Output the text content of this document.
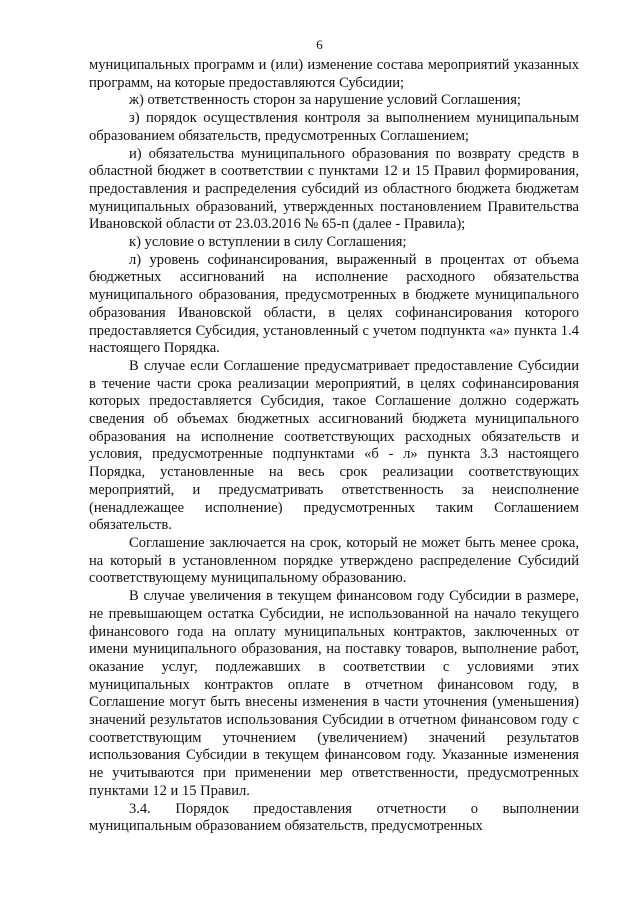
6

муниципальных программ и (или) изменение состава мероприятий указанных программ, на которые предоставляются Субсидии;

ж) ответственность сторон за нарушение условий Соглашения;

з) порядок осуществления контроля за выполнением муниципальным образованием обязательств, предусмотренных Соглашением;

и) обязательства муниципального образования по возврату средств в областной бюджет в соответствии с пунктами 12 и 15 Правил формирования, предоставления и распределения субсидий из областного бюджета бюджетам муниципальных образований, утвержденных постановлением Правительства Ивановской области от 23.03.2016 № 65-п (далее - Правила);

к) условие о вступлении в силу Соглашения;

л) уровень софинансирования, выраженный в процентах от объема бюджетных ассигнований на исполнение расходного обязательства муниципального образования, предусмотренных в бюджете муниципального образования Ивановской области, в целях софинансирования которого предоставляется Субсидия, установленный с учетом подпункта «а» пункта 1.4 настоящего Порядка.

В случае если Соглашение предусматривает предоставление Субсидии в течение части срока реализации мероприятий, в целях софинансирования которых предоставляется Субсидия, такое Соглашение должно содержать сведения об объемах бюджетных ассигнований бюджета муниципального образования на исполнение соответствующих расходных обязательств и условия, предусмотренные подпунктами «б - л» пункта 3.3 настоящего Порядка, установленные на весь срок реализации соответствующих мероприятий, и предусматривать ответственность за неисполнение (ненадлежащее исполнение) предусмотренных таким Соглашением обязательств.

Соглашение заключается на срок, который не может быть менее срока, на который в установленном порядке утверждено распределение Субсидий соответствующему муниципальному образованию.

В случае увеличения в текущем финансовом году Субсидии в размере, не превышающем остатка Субсидии, не использованной на начало текущего финансового года на оплату муниципальных контрактов, заключенных от имени муниципального образования, на поставку товаров, выполнение работ, оказание услуг, подлежавших в соответствии с условиями этих муниципальных контрактов оплате в отчетном финансовом году, в Соглашение могут быть внесены изменения в части уточнения (уменьшения) значений результатов использования Субсидии в отчетном финансовом году с соответствующим уточнением (увеличением) значений результатов использования Субсидии в текущем финансовом году. Указанные изменения не учитываются при применении мер ответственности, предусмотренных пунктами 12 и 15 Правил.

3.4. Порядок предоставления отчетности о выполнении муниципальным образованием обязательств, предусмотренных
